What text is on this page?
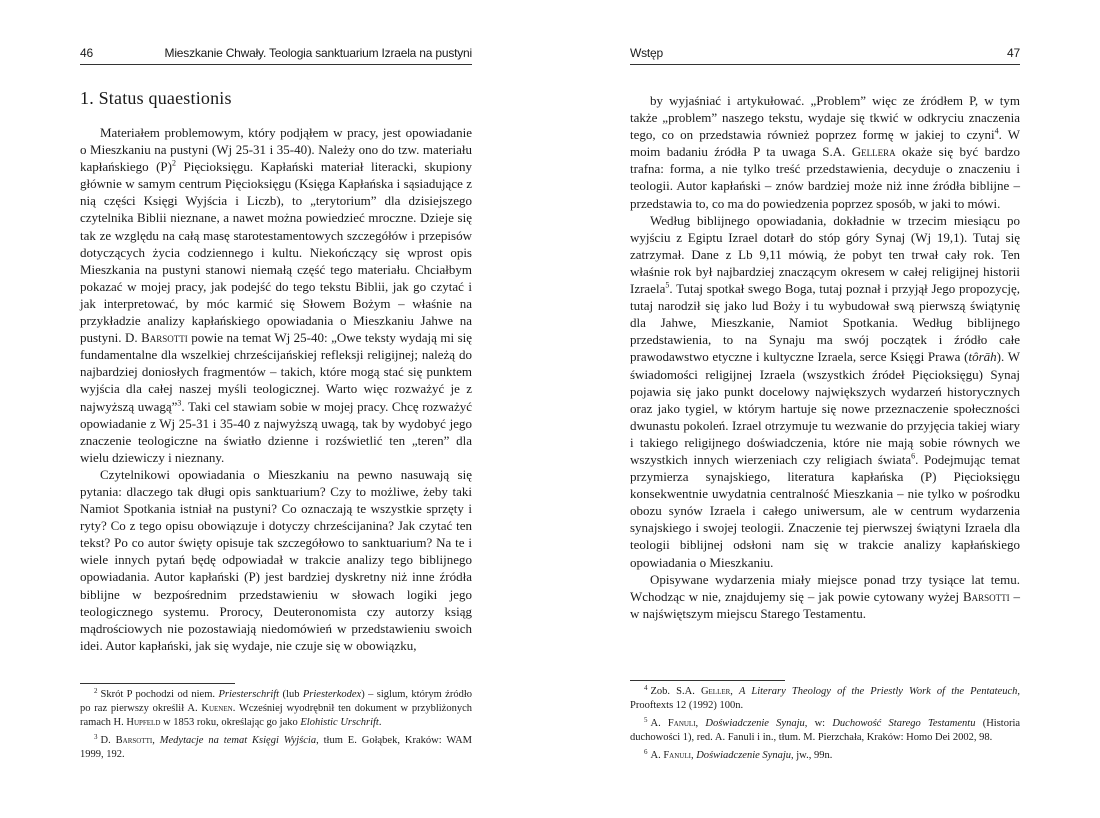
46	Mieszkanie Chwały. Teologia sanktuarium Izraela na pustyni
1. Status quaestionis

Materiałem problemowym, który podjąłem w pracy, jest opowiadanie o Mieszkaniu na pustyni (Wj 25-31 i 35-40). Należy ono do tzw. materiału kapłańskiego (P)$^2$ Pięcioksięgu. Kapłański materiał literacki, skupiony głównie w samym centrum Pięcioksięgu (Księga Kapłańska i sąsiadujące z nią części Księgi Wyjścia i Liczb), to „terytorium” dla dzisiejszego czytelnika Biblii nieznane, a nawet można powiedzieć mroczne. Dzieje się tak ze względu na całą masę starotestamentowych szczegółów i przepisów dotyczących życia codziennego i kultu. Niekończący się wprost opis Mieszkania na pustyni stanowi niemałą część tego materiału. Chciałbym pokazać w mojej pracy, jak podejść do tego tekstu Biblii, jak go czytać i jak interpretować, by móc karmić się Słowem Bożym – właśnie na przykładzie analizy kapłańskiego opowiadania o Mieszkaniu Jahwe na pustyni. D. Barsotti powie na temat Wj 25-40: „Owe teksty wydają mi się fundamentalne dla wszelkiej chrześcijańskiej refleksji religijnej; należą do najbardziej doniosłych fragmentów – takich, które mogą stać się punktem wyjścia dla całej naszej myśli teologicznej. Warto więc rozważyć je z najwyższą uwagą”$^3$. Taki cel stawiam sobie w mojej pracy. Chcę rozważyć opowiadanie z Wj 25-31 i 35-40 z najwyższą uwagą, tak by wydobyć jego znaczenie teologiczne na światło dzienne i rozświetlić ten „teren” dla wielu dziewiczy i nieznany.

Czytelnikowi opowiadania o Mieszkaniu na pewno nasuwają się pytania: dlaczego tak długi opis sanktuarium? Czy to możliwe, żeby taki Namiot Spotkania istniał na pustyni? Co oznaczają te wszystkie sprzęty i ryty? Co z tego opisu obowiązuje i dotyczy chrześcijanina? Jak czytać ten tekst? Po co autor święty opisuje tak szczegółowo to sanktuarium? Na te i wiele innych pytań będę odpowiadał w trakcie analizy tego biblijnego opowiadania. Autor kapłański (P) jest bardziej dyskretny niż inne źródła biblijne w bezpośrednim przedstawieniu w słowach logiki jego teologicznego systemu. Prorocy, Deuteronomista czy autorzy ksiąg mądrościowych nie pozostawiają niedomówień w przedstawieniu swoich idei. Autor kapłański, jak się wydaje, nie czuje się w obowiązku,

$^2$ Skrót P pochodzi od niem. Priesterschrift (lub Priesterkodex) – siglum, którym źródło po raz pierwszy określił A. Kuenen. Wcześniej wyodrębnił ten dokument w przybliżonych ramach H. Hupfeld w 1853 roku, określając go jako Elohistic Urschrift.

$^3$ D. Barsotti, Medytacje na temat Księgi Wyjścia, tłum E. Gołąbek, Kraków: WAM 1999, 192.

Wstęp	47

by wyjaśniać i artykułować. „Problem” więc ze źródłem P, w tym także „problem” naszego tekstu, wydaje się tkwić w odkryciu znaczenia tego, co on przedstawia również poprzez formę w jakiej to czyni$^4$. W moim badaniu źródła P ta uwaga S.A. Gellera okaże się być bardzo trafna: forma, a nie tylko treść przedstawienia, decyduje o znaczeniu i teologii. Autor kapłański – znów bardziej może niż inne źródła biblijne – przedstawia to, co ma do powiedzenia poprzez sposób, w jaki to mówi.

Według biblijnego opowiadania, dokładnie w trzecim miesiącu po wyjściu z Egiptu Izrael dotarł do stóp góry Synaj (Wj 19,1). Tutaj się zatrzymał. Dane z Lb 9,11 mówią, że pobyt ten trwał cały rok. Ten właśnie rok był najbardziej znaczącym okresem w całej religijnej historii Izraela$^5$. Tutaj spotkał swego Boga, tutaj poznał i przyjął Jego propozycję, tutaj narodził się jako lud Boży i tu wybudował swą pierwszą świątynię dla Jahwe, Mieszkanie, Namiot Spotkania. Według biblijnego przedstawienia, to na Synaju ma swój początek i źródło całe prawodawstwo etyczne i kultyczne Izraela, serce Księgi Prawa (tôrāh). W świadomości religijnej Izraela (wszystkich źródeł Pięcioksięgu) Synaj pojawia się jako punkt docelowy największych wydarzeń historycznych oraz jako tygiel, w którym hartuje się nowe przeznaczenie społeczności dwunastu pokoleń. Izrael otrzymuje tu wezwanie do przyjęcia takiej wiary i takiego religijnego doświadczenia, które nie mają sobie równych we wszystkich innych wierzeniach czy religiach świata$^6$. Podejmując temat przymierza synajskiego, literatura kapłańska (P) Pięcioksięgu konsekwentnie uwydatnia centralność Mieszkania – nie tylko w pośrodku obozu synów Izraela i całego uniwersum, ale w centrum wydarzenia synajskiego i swojej teologii. Znaczenie tej pierwszej świątyni Izraela dla teologii biblijnej odsłoni nam się w trakcie analizy kapłańskiego opowiadania o Mieszkaniu.

Opisywane wydarzenia miały miejsce ponad trzy tysiące lat temu. Wchodząc w nie, znajdujemy się – jak powie cytowany wyżej Barsotti – w najświętszym miejscu Starego Testamentu.

$^4$ Zob. S.A. Geller, A Literary Theology of the Priestly Work of the Pentateuch, Prooftexts 12 (1992) 100n.

$^5$ A. Fanuli, Doświadczenie Synaju, w: Duchowość Starego Testamentu (Historia duchowości 1), red. A. Fanuli i in., tłum. M. Pierzchała, Kraków: Homo Dei 2002, 98.

$^6$ A. Fanuli, Doświadczenie Synaju, jw., 99n.
